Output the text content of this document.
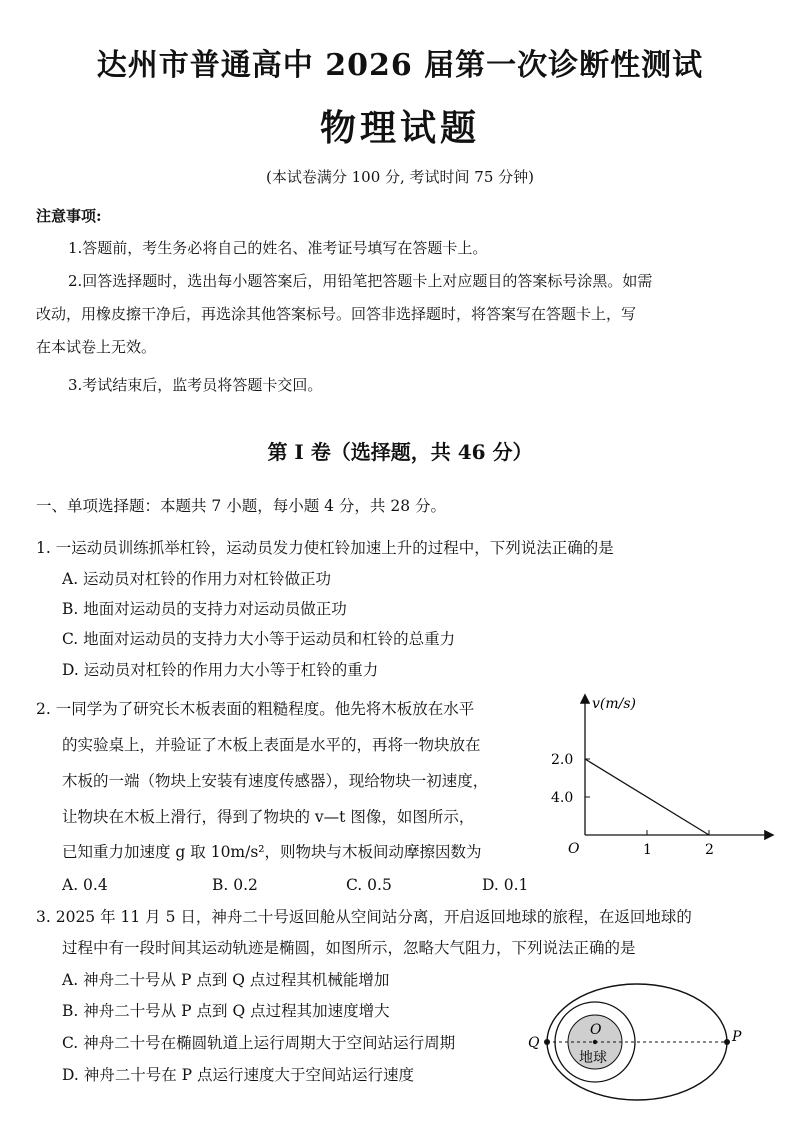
达州市普通高中 2026 届第一次诊断性测试
物理试题
(本试卷满分 100 分, 考试时间 75 分钟)
注意事项:
1.答题前，考生务必将自己的姓名、准考证号填写在答题卡上。
2.回答选择题时，选出每小题答案后，用铅笔把答题卡上对应题目的答案标号涂黑。如需
改动，用橡皮擦干净后，再选涂其他答案标号。回答非选择题时，将答案写在答题卡上，写
在本试卷上无效。
3.考试结束后，监考员将答题卡交回。
第 I 卷（选择题，共 46 分）
一、单项选择题：本题共 7 小题，每小题 4 分，共 28 分。
1. 一运动员训练抓举杠铃，运动员发力使杠铃加速上升的过程中，下列说法正确的是
A. 运动员对杠铃的作用力对杠铃做正功
B. 地面对运动员的支持力对运动员做正功
C. 地面对运动员的支持力大小等于运动员和杠铃的总重力
D. 运动员对杠铃的作用力大小等于杠铃的重力
2. 一同学为了研究长木板表面的粗糙程度。他先将木板放在水平
的实验桌上，并验证了木板上表面是水平的，再将一物块放在
木板的一端（物块上安装有速度传感器），现给物块一初速度，
让物块在木板上滑行，得到了物块的 v—t 图像，如图所示，
已知重力加速度 g 取 10m/s²，则物块与木板间动摩擦因数为
A. 0.4	B. 0.2	C. 0.5	D. 0.1
v(m/s)
O
4.0
2.0
1	2
3. 2025 年 11 月 5 日，神舟二十号返回舱从空间站分离，开启返回地球的旅程，在返回地球的
过程中有一段时间其运动轨迹是椭圆，如图所示，忽略大气阻力，下列说法正确的是
A. 神舟二十号从 P 点到 Q 点过程其机械能增加
B. 神舟二十号从 P 点到 Q 点过程其加速度增大
C. 神舟二十号在椭圆轨道上运行周期大于空间站运行周期
D. 神舟二十号在 P 点运行速度大于空间站运行速度
O
地球
Q	P
